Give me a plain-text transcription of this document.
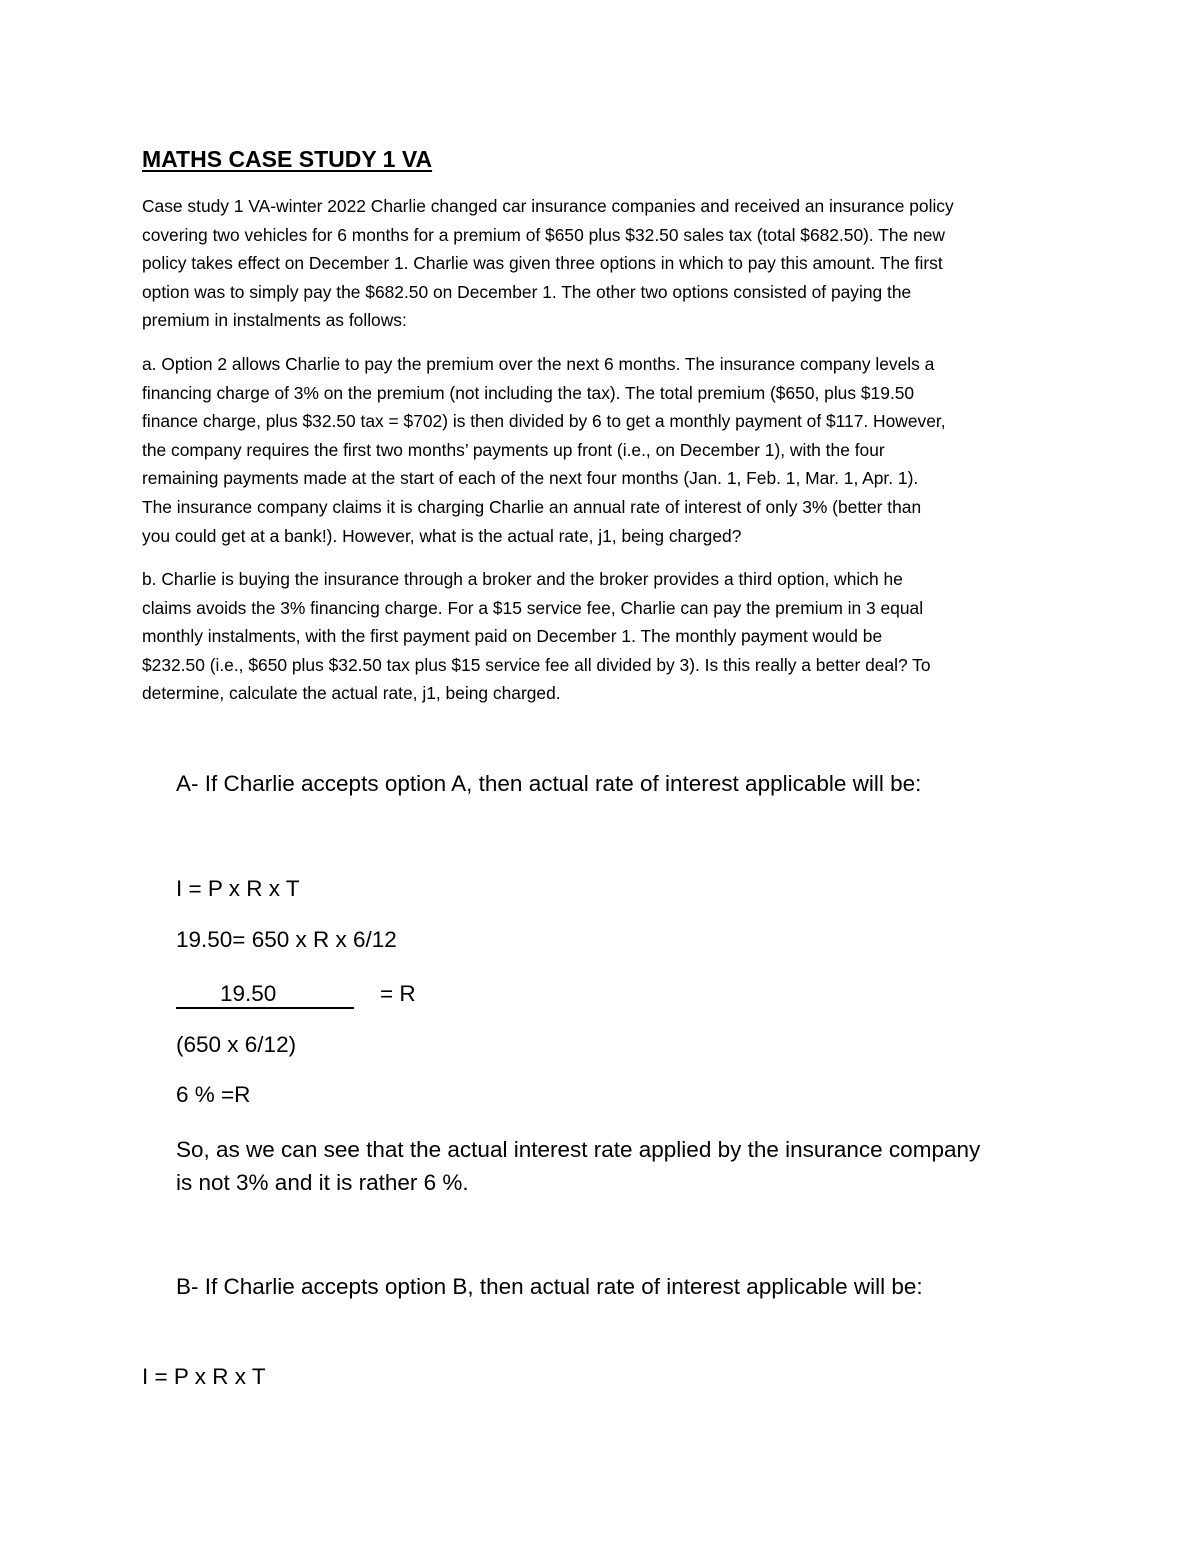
MATHS CASE STUDY 1 VA

Case study 1 VA-winter 2022 Charlie changed car insurance companies and received an insurance policy
covering two vehicles for 6 months for a premium of $650 plus $32.50 sales tax (total $682.50). The new
policy takes effect on December 1. Charlie was given three options in which to pay this amount. The first
option was to simply pay the $682.50 on December 1. The other two options consisted of paying the
premium in instalments as follows:

a. Option 2 allows Charlie to pay the premium over the next 6 months. The insurance company levels a
financing charge of 3% on the premium (not including the tax). The total premium ($650, plus $19.50
finance charge, plus $32.50 tax = $702) is then divided by 6 to get a monthly payment of $117. However,
the company requires the first two months’ payments up front (i.e., on December 1), with the four
remaining payments made at the start of each of the next four months (Jan. 1, Feb. 1, Mar. 1, Apr. 1).
The insurance company claims it is charging Charlie an annual rate of interest of only 3% (better than
you could get at a bank!). However, what is the actual rate, j1, being charged?

b. Charlie is buying the insurance through a broker and the broker provides a third option, which he
claims avoids the 3% financing charge. For a $15 service fee, Charlie can pay the premium in 3 equal
monthly instalments, with the first payment paid on December 1. The monthly payment would be
$232.50 (i.e., $650 plus $32.50 tax plus $15 service fee all divided by 3). Is this really a better deal? To
determine, calculate the actual rate, j1, being charged.

A- If Charlie accepts option A, then actual rate of interest applicable will be:

I = P x R x T

19.50= 650 x R x 6/12

19.50	= R

(650 x 6/12)

6 % =R

So, as we can see that the actual interest rate applied by the insurance company
is not 3% and it is rather 6 %.

B- If Charlie accepts option B, then actual rate of interest applicable will be:

I = P x R x T
